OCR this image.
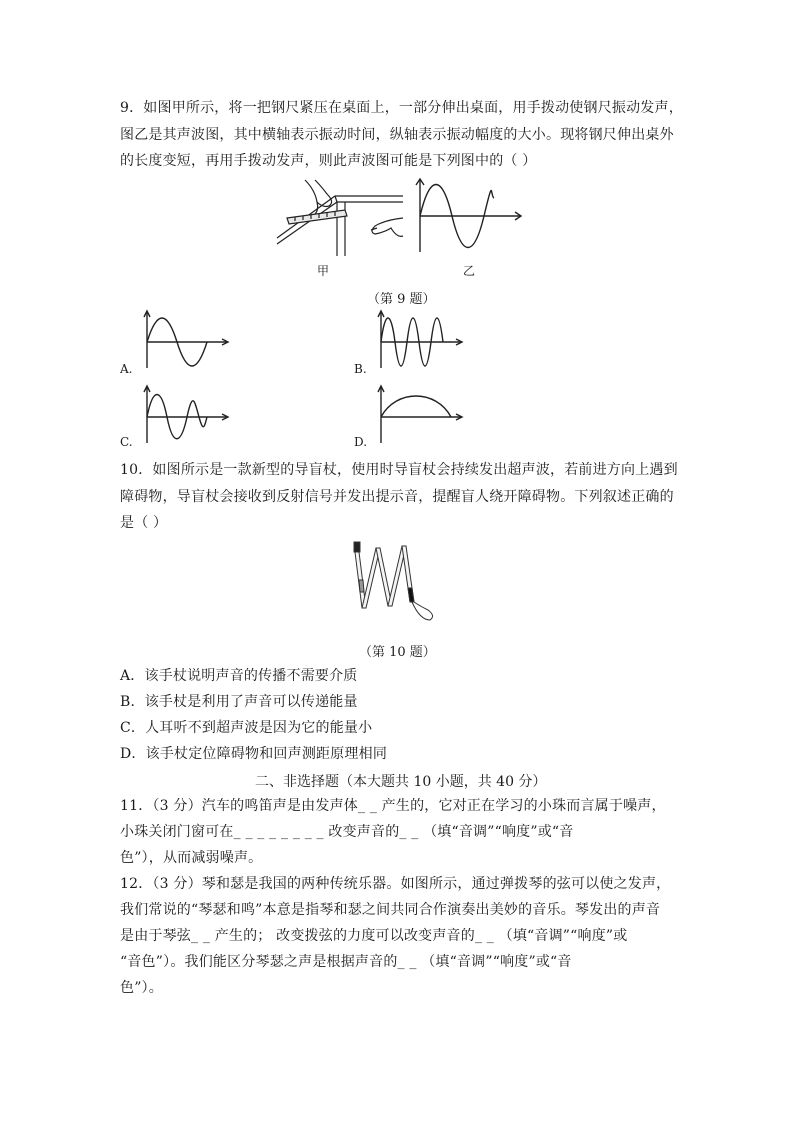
9．如图甲所示，将一把钢尺紧压在桌面上，一部分伸出桌面，用手拨动使钢尺振动发声，
图乙是其声波图，其中横轴表示振动时间，纵轴表示振动幅度的大小。现将钢尺伸出桌外
的长度变短，再用手拨动发声，则此声波图可能是下列图中的（ ）
甲	乙
（第 9 题）
A.	B.
C.	D.
10．如图所示是一款新型的导盲杖，使用时导盲杖会持续发出超声波，若前进方向上遇到
障碍物，导盲杖会接收到反射信号并发出提示音，提醒盲人绕开障碍物。下列叙述正确的
是（ ）
（第 10 题）
A．该手杖说明声音的传播不需要介质
B．该手杖是利用了声音可以传递能量
C．人耳听不到超声波是因为它的能量小
D．该手杖定位障碍物和回声测距原理相同
二、非选择题（本大题共 10 小题，共 40 分）
11．（3 分）汽车的鸣笛声是由发声体_ _ 产生的，它对正在学习的小珠而言属于噪声，
小珠关闭门窗可在_ _ _ _ _ _ _ _ 改变声音的_ _ （填“音调”“响度”或“音
色”），从而减弱噪声。
12．（3 分）琴和瑟是我国的两种传统乐器。如图所示，通过弹拨琴的弦可以使之发声，
我们常说的“琴瑟和鸣”本意是指琴和瑟之间共同合作演奏出美妙的音乐。琴发出的声音
是由于琴弦_ _ 产生的； 改变拨弦的力度可以改变声音的_ _ （填“音调”“响度”或
“音色”）。我们能区分琴瑟之声是根据声音的_ _ （填“音调”“响度”或“音
色”）。
